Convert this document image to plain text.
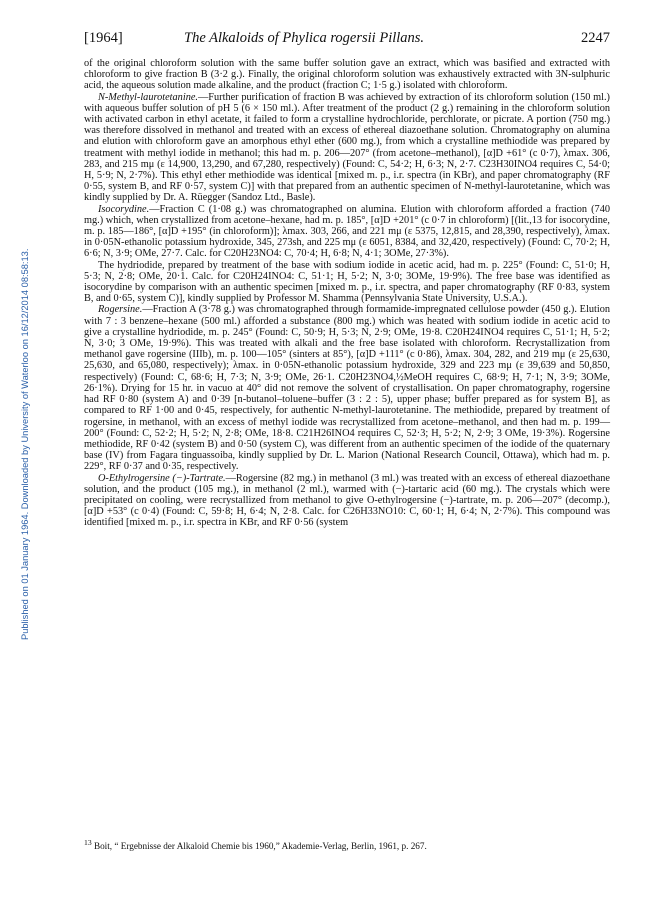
Published on 01 January 1964. Downloaded by University of Waterloo on 16/12/2014 08:58:13.
[1964]	The Alkaloids of Phylica rogersii Pillans.	2247

of the original chloroform solution with the same buffer solution gave an extract, which was basified and extracted with chloroform to give fraction B (3·2 g.). Finally, the original chloroform solution was exhaustively extracted with 3N-sulphuric acid, the aqueous solution made alkaline, and the product (fraction C; 1·5 g.) isolated with chloroform.

N-Methyl-laurotetanine.—Further purification of fraction B was achieved by extraction of its chloroform solution (150 ml.) with aqueous buffer solution of pH 5 (6 × 150 ml.). After treatment of the product (2 g.) remaining in the chloroform solution with activated carbon in ethyl acetate, it failed to form a crystalline hydrochloride, perchlorate, or picrate. A portion (750 mg.) was therefore dissolved in methanol and treated with an excess of ethereal diazoethane solution. Chromatography on alumina and elution with chloroform gave an amorphous ethyl ether (600 mg.), from which a crystalline methiodide was prepared by treatment with methyl iodide in methanol; this had m. p. 206—207° (from acetone–methanol), [α]D +61° (c 0·7), λmax. 306, 283, and 215 mμ (ε 14,900, 13,290, and 67,280, respectively) (Found: C, 54·2; H, 6·3; N, 2·7. C23H30INO4 requires C, 54·0; H, 5·9; N, 2·7%). This ethyl ether methiodide was identical [mixed m. p., i.r. spectra (in KBr), and paper chromatography (RF 0·55, system B, and RF 0·57, system C)] with that prepared from an authentic specimen of N-methyl-laurotetanine, which was kindly supplied by Dr. A. Rüegger (Sandoz Ltd., Basle).

Isocorydine.—Fraction C (1·08 g.) was chromatographed on alumina. Elution with chloroform afforded a fraction (740 mg.) which, when crystallized from acetone–hexane, had m. p. 185°, [α]D +201° (c 0·7 in chloroform) [(lit.,13 for isocorydine, m. p. 185—186°, [α]D +195° (in chloroform)]; λmax. 303, 266, and 221 mμ (ε 5375, 12,815, and 28,390, respectively), λmax. in 0·05N-ethanolic potassium hydroxide, 345, 273sh, and 225 mμ (ε 6051, 8384, and 32,420, respectively) (Found: C, 70·2; H, 6·6; N, 3·9; OMe, 27·7. Calc. for C20H23NO4: C, 70·4; H, 6·8; N, 4·1; 3OMe, 27·3%).

The hydriodide, prepared by treatment of the base with sodium iodide in acetic acid, had m. p. 225° (Found: C, 51·0; H, 5·3; N, 2·8; OMe, 20·1. Calc. for C20H24INO4: C, 51·1; H, 5·2; N, 3·0; 3OMe, 19·9%). The free base was identified as isocorydine by comparison with an authentic specimen [mixed m. p., i.r. spectra, and paper chromatography (RF 0·83, system B, and 0·65, system C)], kindly supplied by Professor M. Shamma (Pennsylvania State University, U.S.A.).

Rogersine.—Fraction A (3·78 g.) was chromatographed through formamide-impregnated cellulose powder (450 g.). Elution with 7 : 3 benzene–hexane (500 ml.) afforded a substance (800 mg.) which was heated with sodium iodide in acetic acid to give a crystalline hydriodide, m. p. 245° (Found: C, 50·9; H, 5·3; N, 2·9; OMe, 19·8. C20H24INO4 requires C, 51·1; H, 5·2; N, 3·0; 3 OMe, 19·9%). This was treated with alkali and the free base isolated with chloroform. Recrystallization from methanol gave rogersine (IIIb), m. p. 100—105° (sinters at 85°), [α]D +111° (c 0·86), λmax. 304, 282, and 219 mμ (ε 25,630, 25,630, and 65,080, respectively); λmax. in 0·05N-ethanolic potassium hydroxide, 329 and 223 mμ (ε 39,639 and 50,850, respectively) (Found: C, 68·6; H, 7·3; N, 3·9; OMe, 26·1. C20H23NO4,½MeOH requires C, 68·9; H, 7·1; N, 3·9; 3OMe, 26·1%). Drying for 15 hr. in vacuo at 40° did not remove the solvent of crystallisation. On paper chromatography, rogersine had RF 0·80 (system A) and 0·39 [n-butanol–toluene–buffer (3 : 2 : 5), upper phase; buffer prepared as for system B], as compared to RF 1·00 and 0·45, respectively, for authentic N-methyl-laurotetanine. The methiodide, prepared by treatment of rogersine, in methanol, with an excess of methyl iodide was recrystallized from acetone–methanol, and then had m. p. 199—200° (Found: C, 52·2; H, 5·2; N, 2·8; OMe, 18·8. C21H26INO4 requires C, 52·3; H, 5·2; N, 2·9; 3 OMe, 19·3%). Rogersine methiodide, RF 0·42 (system B) and 0·50 (system C), was different from an authentic specimen of the iodide of the quaternary base (IV) from Fagara tinguassoiba, kindly supplied by Dr. L. Marion (National Research Council, Ottawa), which had m. p. 229°, RF 0·37 and 0·35, respectively.

O-Ethylrogersine (−)-Tartrate.—Rogersine (82 mg.) in methanol (3 ml.) was treated with an excess of ethereal diazoethane solution, and the product (105 mg.), in methanol (2 ml.), warmed with (−)-tartaric acid (60 mg.). The crystals which were precipitated on cooling, were recrystallized from methanol to give O-ethylrogersine (−)-tartrate, m. p. 206—207° (decomp.), [α]D +53° (c 0·4) (Found: C, 59·8; H, 6·4; N, 2·8. Calc. for C26H33NO10: C, 60·1; H, 6·4; N, 2·7%). This compound was identified [mixed m. p., i.r. spectra in KBr, and RF 0·56 (system

$^{13}$ Boit, “ Ergebnisse der Alkaloid Chemie bis 1960,” Akademie-Verlag, Berlin, 1961, p. 267.
